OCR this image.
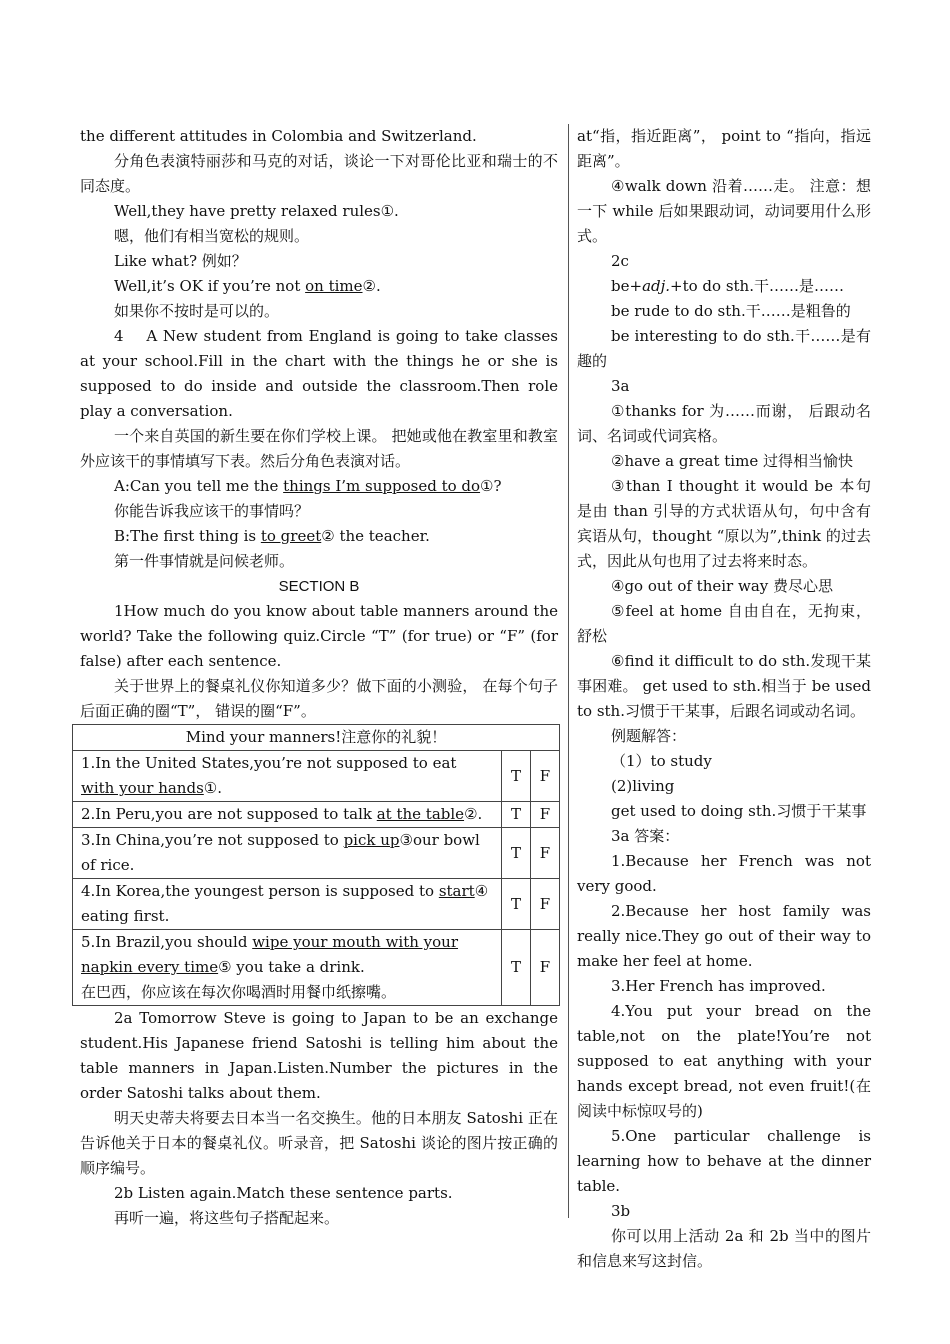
the different attitudes in Colombia and Switzerland.

分角色表演特丽莎和马克的对话，谈论一下对哥伦比亚和瑞士的不同态度。

Well,they have pretty relaxed rules①.

嗯，他们有相当宽松的规则。

Like what? 例如？

Well,it’s OK if you’re not on time②.

如果你不按时是可以的。

4　 A New student from England is going to take classes at your school.Fill in the chart with the things he or she is supposed to do inside and outside the classroom.Then role play a conversation.

一个来自英国的新生要在你们学校上课。 把她或他在教室里和教室外应该干的事情填写下表。然后分角色表演对话。

A:Can you tell me the things I’m supposed to do①?

你能告诉我应该干的事情吗？

B:The first thing is to greet② the teacher.

第一件事情就是问候老师。

SECTION B

1How much do you know about table manners around the world? Take the following quiz.Circle “T” (for true) or “F” (for false) after each sentence.

关于世界上的餐桌礼仪你知道多少？做下面的小测验， 在每个句子后面正确的圈“T”， 错误的圈“F”。

Mind your manners!注意你的礼貌！		
1.In the United States,you’re not supposed to eat with your hands①.	T	F
2.In Peru,you are not supposed to talk at the table②.	T	F
3.In China,you’re not supposed to pick up③our bowl of rice.	T	F
4.In Korea,the youngest person is supposed to start④ eating first.	T	F
5.In Brazil,you should wipe your mouth with your napkin every time⑤ you take a drink.
在巴西，你应该在每次你喝酒时用餐巾纸擦嘴。	T	F

2a Tomorrow Steve is going to Japan to be an exchange student.His Japanese friend Satoshi is telling him about the table manners in Japan.Listen.Number the pictures in the order Satoshi talks about them.

明天史蒂夫将要去日本当一名交换生。他的日本朋友 Satoshi 正在告诉他关于日本的餐桌礼仪。听录音，把 Satoshi 谈论的图片按正确的顺序编号。

2b Listen again.Match these sentence parts.

再听一遍，将这些句子搭配起来。

at“指，指近距离”， point to “指向，指远距离”。

④walk down 沿着……走。 注意：想一下 while 后如果跟动词，动词要用什么形式。

2c

be+adj.+to do sth.干……是……

be rude to do sth.干……是粗鲁的

be interesting to do sth.干……是有趣的

3a

①thanks for 为……而谢， 后跟动名词、名词或代词宾格。

②have a great time 过得相当愉快

③than I thought it would be 本句是由 than 引导的方式状语从句，句中含有宾语从句，thought “原以为”,think 的过去式，因此从句也用了过去将来时态。

④go out of their way 费尽心思

⑤feel at home 自由自在，无拘束，舒松

⑥find it difficult to do sth.发现干某事困难。 get used to sth.相当于 be used to sth.习惯于干某事，后跟名词或动名词。

例题解答：

（1）to study

(2)living

get used to doing sth.习惯于干某事

3a 答案：

1.Because her French was not very good.

2.Because her host family was really nice.They go out of their way to make her feel at home.

3.Her French has improved.

4.You put your bread on the table,not on the plate!You’re not supposed to eat anything with your hands except bread, not even fruit!(在阅读中标惊叹号的)

5.One particular challenge is learning how to behave at the dinner table.

3b

你可以用上活动 2a 和 2b 当中的图片和信息来写这封信。
